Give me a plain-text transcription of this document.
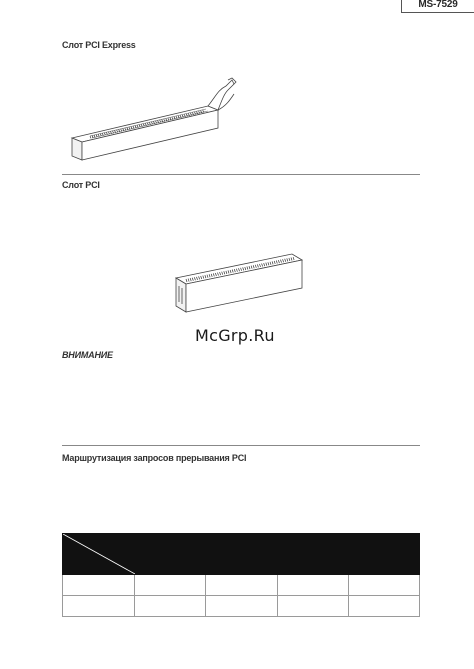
MS-7529
Слот PCI Express
Слот PCI
McGrp.Ru
ВНИМАНИЕ
Маршрутизация запросов прерывания PCI
